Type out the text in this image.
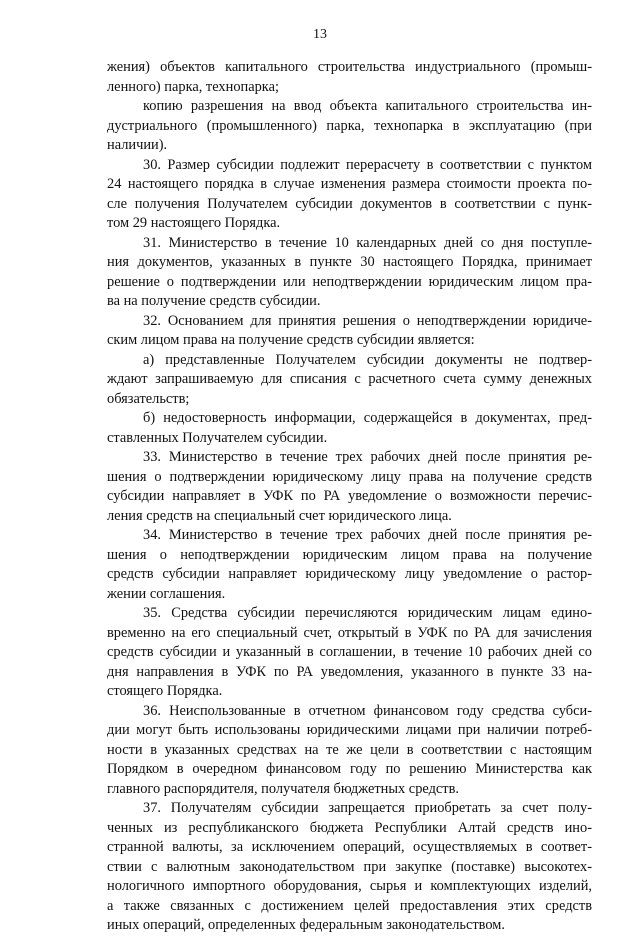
13
жения) объектов капитального строительства индустриального (промыш-
ленного) парка, технопарка;
копию разрешения на ввод объекта капитального строительства ин-
дустриального (промышленного) парка, технопарка в эксплуатацию (при
наличии).
30. Размер субсидии подлежит перерасчету в соответствии с пунктом
24 настоящего порядка в случае изменения размера стоимости проекта по-
сле получения Получателем субсидии документов в соответствии с пунк-
том 29 настоящего Порядка.
31. Министерство в течение 10 календарных дней со дня поступле-
ния документов, указанных в пункте 30 настоящего Порядка, принимает
решение о подтверждении или неподтверждении юридическим лицом пра-
ва на получение средств субсидии.
32. Основанием для принятия решения о неподтверждении юридиче-
ским лицом права на получение средств субсидии является:
а) представленные Получателем субсидии документы не подтвер-
ждают запрашиваемую для списания с расчетного счета сумму денежных
обязательств;
б) недостоверность информации, содержащейся в документах, пред-
ставленных Получателем субсидии.
33. Министерство в течение трех рабочих дней после принятия ре-
шения о подтверждении юридическому лицу права на получение средств
субсидии направляет в УФК по РА уведомление о возможности перечис-
ления средств на специальный счет юридического лица.
34. Министерство в течение трех рабочих дней после принятия ре-
шения о неподтверждении юридическим лицом права на получение
средств субсидии направляет юридическому лицу уведомление о растор-
жении соглашения.
35. Средства субсидии перечисляются юридическим лицам едино-
временно на его специальный счет, открытый в УФК по РА для зачисления
средств субсидии и указанный в соглашении, в течение 10 рабочих дней со
дня направления в УФК по РА уведомления, указанного в пункте 33 на-
стоящего Порядка.
36. Неиспользованные в отчетном финансовом году средства субси-
дии могут быть использованы юридическими лицами при наличии потреб-
ности в указанных средствах на те же цели в соответствии с настоящим
Порядком в очередном финансовом году по решению Министерства как
главного распорядителя, получателя бюджетных средств.
37. Получателям субсидии запрещается приобретать за счет полу-
ченных из республиканского бюджета Республики Алтай средств ино-
странной валюты, за исключением операций, осуществляемых в соответ-
ствии с валютным законодательством при закупке (поставке) высокотех-
нологичного импортного оборудования, сырья и комплектующих изделий,
а также связанных с достижением целей предоставления этих средств
иных операций, определенных федеральным законодательством.
